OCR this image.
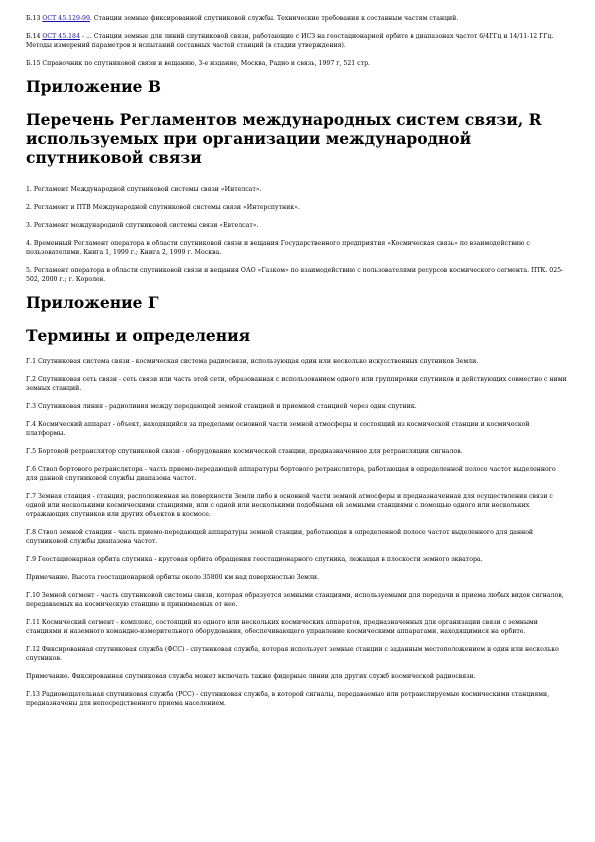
Б.13 ОСТ 45.129-99. Станции земные фиксированной спутниковой службы. Технические требования к составным частям станций.

Б.14 ОСТ 45.184 - ... Станции земные для линий спутниковой связи, работающие с ИСЗ на геостационарной орбите в диапазонах частот 6/4ГГц и 14/11-12 ГГц. Методы измерений параметров и испытаний составных частей станций (в стадии утверждения).

Б.15 Справочник по спутниковой связи и вещанию, 3-е издание, Москва, Радио и связь, 1997 г, 521 стр.

Приложение В
Перечень Регламентов международных систем связи, R используемых при организации международной спутниковой связи

1. Регламент Международной спутниковой системы связи «Интелсат».

2. Регламент и ПТВ Международной спутниковой системы связи «Интерспутник».

3. Регламент международной спутниковой системы связи «Евтелсат».

4. Временный Регламент оператора в области спутниковой связи и вещания Государственного предприятия «Космическая связь» по взаимодействию с пользователями. Книга 1, 1999 г.; Книга 2, 1999 г. Москва.

5. Регламент оператора в области спутниковой связи и вещания ОАО «Газком» по взаимодействию с пользователями ресурсов космического сегмента. ПТК. 025-502, 2000 г.; г. Королев.

Приложение Г
Термины и определения

Г.1 Спутниковая система связи - космическая система радиосвязи, использующая один или несколько искусственных спутников Земли.

Г.2 Спутниковая сеть связи - сеть связи или часть этой сети, образованная с использованием одного или группировки спутников и действующих совместно с ними земных станций.

Г.3 Спутниковая линия - радиолиния между передающей земной станцией и приемной станцией через один спутник.

Г.4 Космический аппарат - объект, находящийся за пределами основной части земной атмосферы и состоящий из космической станции и космической платформы.

Г.5 Бортовой ретранслятор спутниковой связи - оборудование космической станции, предназначенное для ретрансляции сигналов.

Г.6 Ствол бортового ретранслятора - часть приемо-передающей аппаратуры бортового ретранслятора, работающая в определенной полосе частот выделенного для данной спутниковой службы диапазона частот.

Г.7 Земная станция - станция, расположенная на поверхности Земли либо в основной части земной атмосферы и предназначенная для осуществления связи с одной или несколькими космическими станциями, или с одной или несколькими подобными ей земными станциями с помощью одного или нескольких отражающих спутников или других объектов в космосе.

Г.8 Ствол земной станции - часть приемо-передающей аппаратуры земной станции, работающая в определенной полосе частот выделенного для данной спутниковой службы диапазона частот.

Г.9 Геостационарная орбита спутника - круговая орбита обращения геостационарного спутника, лежащая в плоскости земного экватора.

Примечание. Высота геостационарной орбиты около 35800 км над поверхностью Земли.

Г.10 Земной сегмент - часть спутниковой системы связи, которая образуется земными станциями, используемыми для передачи и приема любых видов сигналов, передаваемых на космическую станцию и принимаемых от нее.

Г.11 Космический сегмент - комплекс, состоящий из одного или нескольких космических аппаратов, предназначенных для организации связи с земными станциями и наземного командно-измерительного оборудования, обеспечивающего управление космическими аппаратами, находящимися на орбите.

Г.12 Фиксированная спутниковая служба (ФСС) - спутниковая служба, которая использует земные станции с заданным местоположением и один или несколько спутников.

Примечание. Фиксированная спутниковая служба может включать также фидерные линии для других служб космической радиосвязи.

Г.13 Радиовещательная спутниковая служба (РСС) - спутниковая служба, в которой сигналы, передаваемые или ретранслируемые космическими станциями, предназначены для непосредственного приема населением.
